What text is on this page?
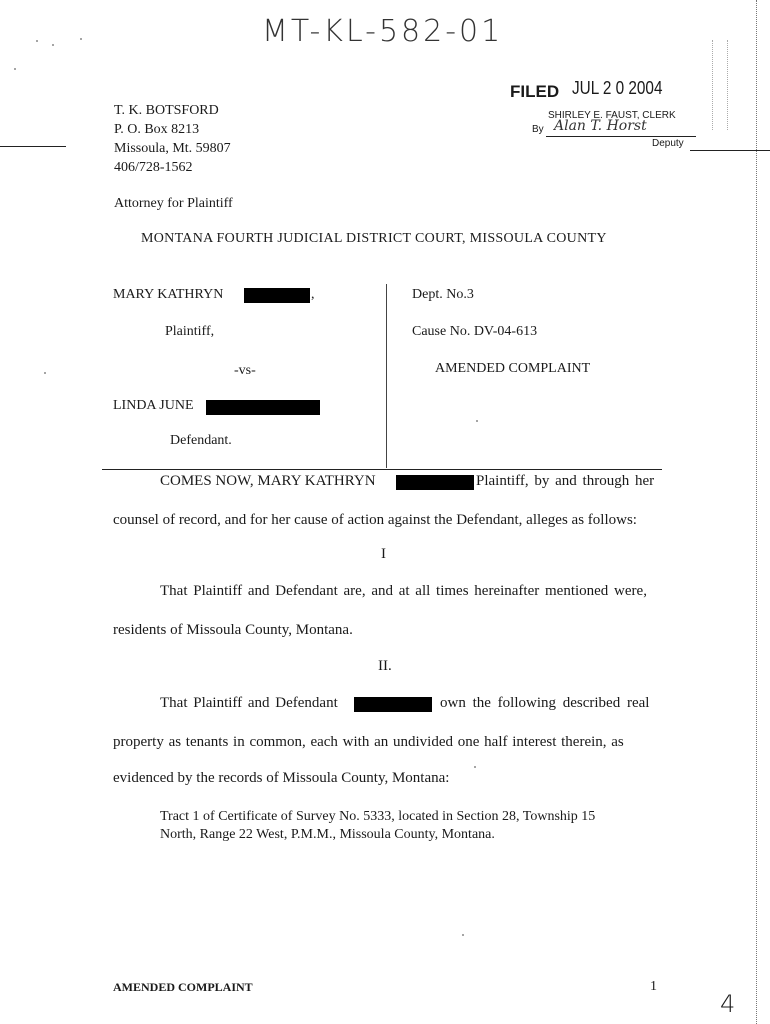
MT-KL-582-01
FILED JUL 2 0 2004
SHIRLEY E. FAUST, CLERK
By Alan T. Horst
Deputy
T. K. BOTSFORD
P. O. Box 8213
Missoula, Mt. 59807
406/728-1562
Attorney for Plaintiff
MONTANA FOURTH JUDICIAL DISTRICT COURT, MISSOULA COUNTY
MARY KATHRYN	,
Plaintiff,
-vs-
LINDA JUNE
Defendant.
Dept. No.3
Cause No. DV-04-613
AMENDED COMPLAINT
COMES NOW, MARY KATHRYN	Plaintiff, by and through her
counsel of record, and for her cause of action against the Defendant, alleges as follows:
I
That Plaintiff and Defendant are, and at all times hereinafter mentioned were,
residents of Missoula County, Montana.
II.
That Plaintiff and Defendant	own the following described real
property as tenants in common, each with an undivided one half interest therein, as
evidenced by the records of Missoula County, Montana:
Tract 1 of Certificate of Survey No. 5333, located in Section 28, Township 15
North, Range 22 West, P.M.M., Missoula County, Montana.
AMENDED COMPLAINT	1
4
